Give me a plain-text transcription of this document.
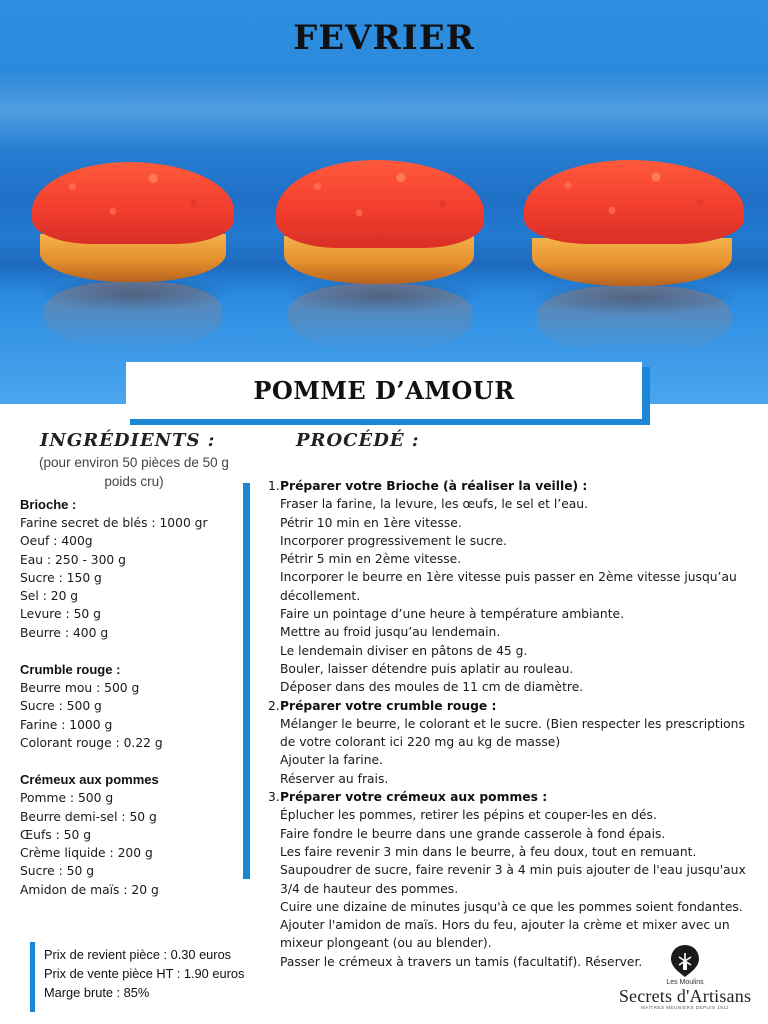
FEVRIER
POMME D’AMOUR
INGRÉDIENTS :	PROCÉDÉ :
(pour environ 50 pièces de 50 g poids cru)
Brioche :
Farine secret de blés : 1000 gr
Oeuf : 400g
Eau : 250 - 300 g
Sucre : 150 g
Sel : 20 g
Levure : 50 g
Beurre : 400 g
Crumble rouge :
Beurre mou : 500 g
Sucre : 500 g
Farine : 1000 g
Colorant rouge : 0.22 g
Crémeux aux pommes
Pomme : 500 g
Beurre demi-sel : 50 g
Œufs : 50 g
Crème liquide : 200 g
Sucre : 50 g
Amidon de maïs : 20 g
1.Préparer votre Brioche (à réaliser la veille) :
Fraser la farine, la levure, les œufs, le sel et l’eau.
Pétrir 10 min en 1ère vitesse.
Incorporer progressivement le sucre.
Pétrir 5 min en 2ème vitesse.
Incorporer le beurre en 1ère vitesse puis passer en 2ème vitesse jusqu’au
décollement.
Faire un pointage d’une heure à température ambiante.
Mettre au froid jusqu’au lendemain.
Le lendemain diviser en pâtons de 45 g.
Bouler, laisser détendre puis aplatir au rouleau.
Déposer dans des moules de 11 cm de diamètre.
2.Préparer votre crumble rouge :
Mélanger le beurre, le colorant et le sucre. (Bien respecter les prescriptions
de votre colorant ici 220 mg au kg de masse)
Ajouter la farine.
Réserver au frais.
3.Préparer votre crémeux aux pommes :
Éplucher les pommes, retirer les pépins et couper-les en dés.
Faire fondre le beurre dans une grande casserole à fond épais.
Les faire revenir 3 min dans le beurre, à feu doux, tout en remuant.
Saupoudrer de sucre, faire revenir 3 à 4 min puis ajouter de l'eau jusqu'aux
3/4 de hauteur des pommes.
Cuire une dizaine de minutes jusqu'à ce que les pommes soient fondantes.
Ajouter l'amidon de maïs. Hors du feu, ajouter la crème et mixer avec un
mixeur plongeant (ou au blender).
Passer le crémeux à travers un tamis (facultatif). Réserver.
Prix de revient pièce : 0.30 euros
Prix de vente pièce HT : 1.90 euros
Marge brute : 85%
Les Moulins
Secrets d'Artisans
MAÎTRES MEUNIERS DEPUIS 1911
